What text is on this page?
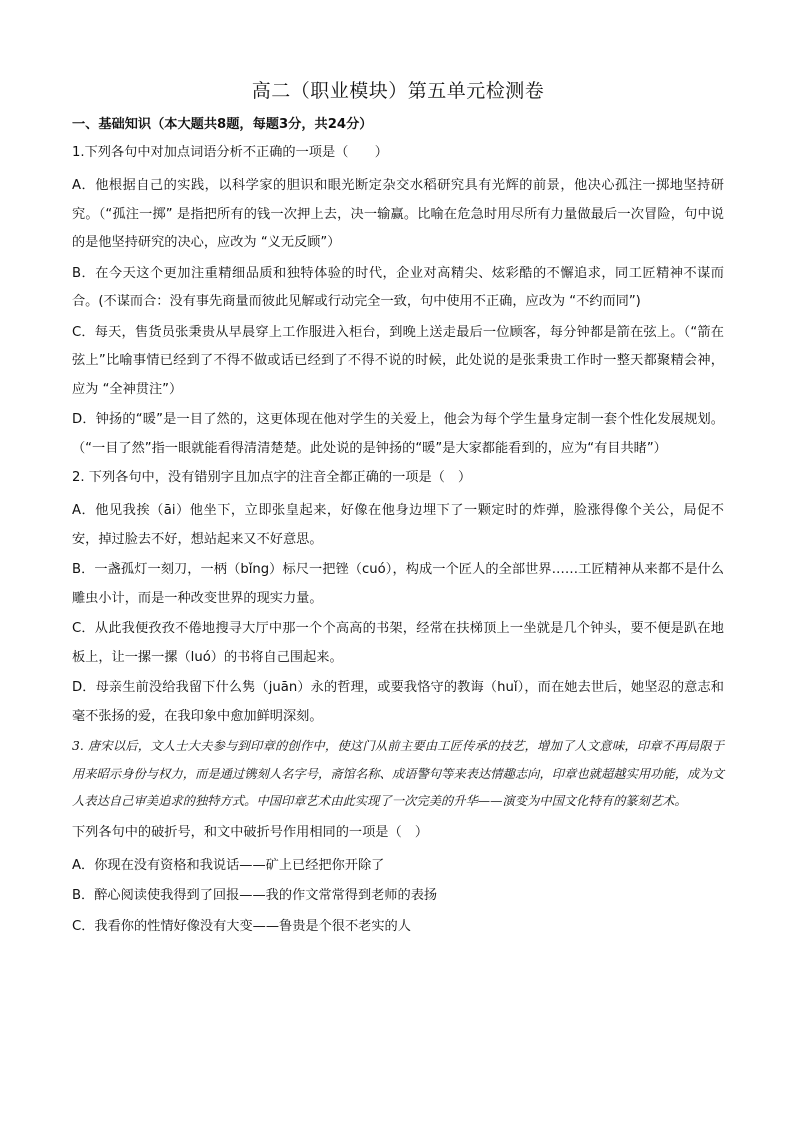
高二（职业模块）第五单元检测卷
一、基础知识（本大题共8题，每题3分，共24分）
1.下列各句中对加点词语分析不正确的一项是（　　）
A．他根据自己的实践，以科学家的胆识和眼光断定杂交水稻研究具有光辉的前景，他决心孤注一掷地坚持研究。（“孤注一掷” 是指把所有的钱一次押上去，决一输赢。比喻在危急时用尽所有力量做最后一次冒险，句中说的是他坚持研究的决心，应改为 “义无反顾”）
B．在今天这个更加注重精细品质和独特体验的时代，企业对高精尖、炫彩酷的不懈追求，同工匠精神不谋而合。(不谋而合：没有事先商量而彼此见解或行动完全一致，句中使用不正确，应改为 “不约而同”)
C．每天，售货员张秉贵从早晨穿上工作服进入柜台，到晚上送走最后一位顾客，每分钟都是箭在弦上。（“箭在弦上”比喻事情已经到了不得不做或话已经到了不得不说的时候，此处说的是张秉贵工作时一整天都聚精会神，应为 “全神贯注”）
D．钟扬的“暖”是一目了然的，这更体现在他对学生的关爱上，他会为每个学生量身定制一套个性化发展规划。（“一目了然”指一眼就能看得清清楚楚。此处说的是钟扬的“暖”是大家都能看到的，应为“有目共睹”）
2. 下列各句中，没有错别字且加点字的注音全都正确的一项是（　）
A．他见我挨（āi）他坐下，立即张皇起来，好像在他身边埋下了一颗定时的炸弹，脸涨得像个关公，局促不安，掉过脸去不好，想站起来又不好意思。
B．一盏孤灯一刻刀，一柄（bǐng）标尺一把锉（cuó），构成一个匠人的全部世界……工匠精神从来都不是什么雕虫小计，而是一种改变世界的现实力量。
C．从此我便孜孜不倦地搜寻大厅中那一个个高高的书架，经常在扶梯顶上一坐就是几个钟头，要不便是趴在地板上，让一摞一摞（luó）的书将自己围起来。
D．母亲生前没给我留下什么隽（juān）永的哲理，或要我恪守的教诲（huǐ），而在她去世后，她坚忍的意志和毫不张扬的爱，在我印象中愈加鲜明深刻。
3. 唐宋以后，文人士大夫参与到印章的创作中，使这门从前主要由工匠传承的技艺，增加了人文意味，印章不再局限于用来昭示身份与权力，而是通过镌刻人名字号，斋馆名称、成语警句等来表达情趣志向，印章也就超越实用功能，成为文人表达自己审美追求的独特方式。中国印章艺术由此实现了一次完美的升华——演变为中国文化特有的篆刻艺术。
下列各句中的破折号，和文中破折号作用相同的一项是（　）
A．你现在没有资格和我说话——矿上已经把你开除了
B．醉心阅读使我得到了回报——我的作文常常得到老师的表扬
C．我看你的性情好像没有大变——鲁贵是个很不老实的人
